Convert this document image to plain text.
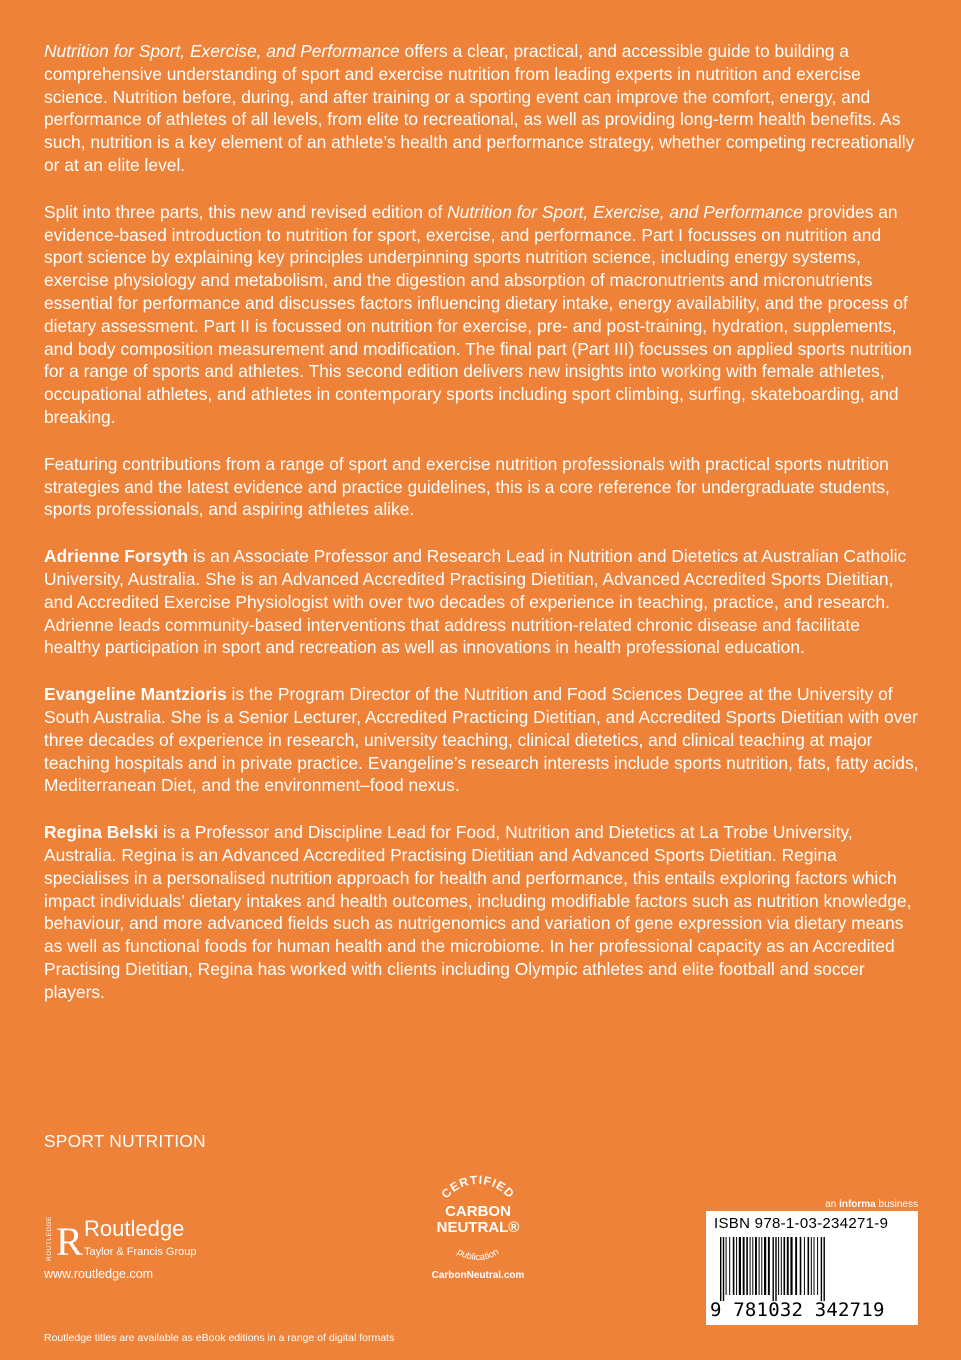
Nutrition for Sport, Exercise, and Performance offers a clear, practical, and accessible guide to building a comprehensive understanding of sport and exercise nutrition from leading experts in nutrition and exercise science. Nutrition before, during, and after training or a sporting event can improve the comfort, energy, and performance of athletes of all levels, from elite to recreational, as well as providing long-term health benefits. As such, nutrition is a key element of an athlete’s health and performance strategy, whether competing recreationally or at an elite level.

Split into three parts, this new and revised edition of Nutrition for Sport, Exercise, and Performance provides an evidence-based introduction to nutrition for sport, exercise, and performance. Part I focusses on nutrition and sport science by explaining key principles underpinning sports nutrition science, including energy systems, exercise physiology and metabolism, and the digestion and absorption of macronutrients and micronutrients essential for performance and discusses factors influencing dietary intake, energy availability, and the process of dietary assessment. Part II is focussed on nutrition for exercise, pre- and post-training, hydration, supplements, and body composition measurement and modification. The final part (Part III) focusses on applied sports nutrition for a range of sports and athletes. This second edition delivers new insights into working with female athletes, occupational athletes, and athletes in contemporary sports including sport climbing, surfing, skateboarding, and breaking.

Featuring contributions from a range of sport and exercise nutrition professionals with practical sports nutrition strategies and the latest evidence and practice guidelines, this is a core reference for undergraduate students, sports professionals, and aspiring athletes alike.

Adrienne Forsyth is an Associate Professor and Research Lead in Nutrition and Dietetics at Australian Catholic University, Australia. She is an Advanced Accredited Practising Dietitian, Advanced Accredited Sports Dietitian, and Accredited Exercise Physiologist with over two decades of experience in teaching, practice, and research. Adrienne leads community-based interventions that address nutrition-related chronic disease and facilitate healthy participation in sport and recreation as well as innovations in health professional education.

Evangeline Mantzioris is the Program Director of the Nutrition and Food Sciences Degree at the University of South Australia. She is a Senior Lecturer, Accredited Practicing Dietitian, and Accredited Sports Dietitian with over three decades of experience in research, university teaching, clinical dietetics, and clinical teaching at major teaching hospitals and in private practice. Evangeline’s research interests include sports nutrition, fats, fatty acids, Mediterranean Diet, and the environment–food nexus.

Regina Belski is a Professor and Discipline Lead for Food, Nutrition and Dietetics at La Trobe University, Australia. Regina is an Advanced Accredited Practising Dietitian and Advanced Sports Dietitian. Regina specialises in a personalised nutrition approach for health and performance, this entails exploring factors which impact individuals’ dietary intakes and health outcomes, including modifiable factors such as nutrition knowledge, behaviour, and more advanced fields such as nutrigenomics and variation of gene expression via dietary means as well as functional foods for human health and the microbiome. In her professional capacity as an Accredited Practising Dietitian, Regina has worked with clients including Olympic athletes and elite football and soccer players.

SPORT NUTRITION
ROUTLEDGE R Routledge
Taylor & Francis Group
www.routledge.com
CERTIFIED
CARBON
NEUTRAL®
publication
CarbonNeutral.com
an informa business
ISBN 978-1-03-234271-9
9 781032 342719
Routledge titles are available as eBook editions in a range of digital formats
